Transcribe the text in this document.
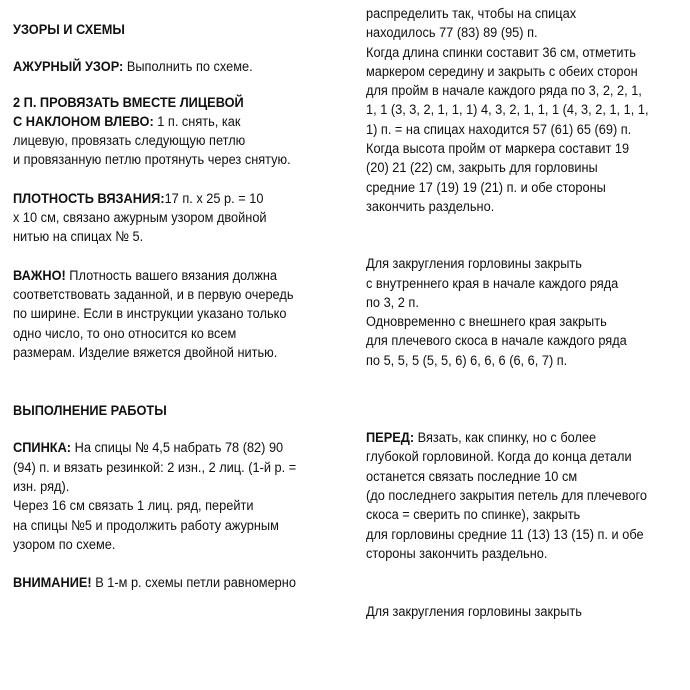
УЗОРЫ И СХЕМЫ

АЖУРНЫЙ УЗОР: Выполнить по схеме.

2 П. ПРОВЯЗАТЬ ВМЕСТЕ ЛИЦЕВОЙ
С НАКЛОНОМ ВЛЕВО: 1 п. снять, как
лицевую, провязать следующую петлю
и провязанную петлю протянуть через снятую.

ПЛОТНОСТЬ ВЯЗАНИЯ:17 п. х 25 р. = 10
х 10 см, связано ажурным узором двойной
нитью на спицах № 5.

ВАЖНО! Плотность вашего вязания должна
соответствовать заданной, и в первую очередь
по ширине. Если в инструкции указано только
одно число, то оно относится ко всем
размерам. Изделие вяжется двойной нитью.

ВЫПОЛНЕНИЕ РАБОТЫ

СПИНКА: На спицы № 4,5 набрать 78 (82) 90
(94) п. и вязать резинкой: 2 изн., 2 лиц. (1-й р. =
изн. ряд).
Через 16 см связать 1 лиц. ряд, перейти
на спицы №5 и продолжить работу ажурным
узором по схеме.

ВНИМАНИЕ! В 1-м р. схемы петли равномерно

распределить так, чтобы на спицах
находилось 77 (83) 89 (95) п.
Когда длина спинки составит 36 см, отметить
маркером середину и закрыть с обеих сторон
для пройм в начале каждого ряда по 3, 2, 2, 1,
1, 1 (3, 3, 2, 1, 1, 1) 4, 3, 2, 1, 1, 1 (4, 3, 2, 1, 1, 1,
1) п. = на спицах находится 57 (61) 65 (69) п.
Когда высота пройм от маркера составит 19
(20) 21 (22) см, закрыть для горловины
средние 17 (19) 19 (21) п. и обе стороны
закончить раздельно.

Для закругления горловины закрыть
с внутреннего края в начале каждого ряда
по 3, 2 п.
Одновременно с внешнего края закрыть
для плечевого скоса в начале каждого ряда
по 5, 5, 5 (5, 5, 6) 6, 6, 6 (6, 6, 7) п.

ПЕРЕД: Вязать, как спинку, но с более
глубокой горловиной. Когда до конца детали
останется связать последние 10 см
(до последнего закрытия петель для плечевого
скоса = сверить по спинке), закрыть
для горловины средние 11 (13) 13 (15) п. и обе
стороны закончить раздельно.

Для закругления горловины закрыть
